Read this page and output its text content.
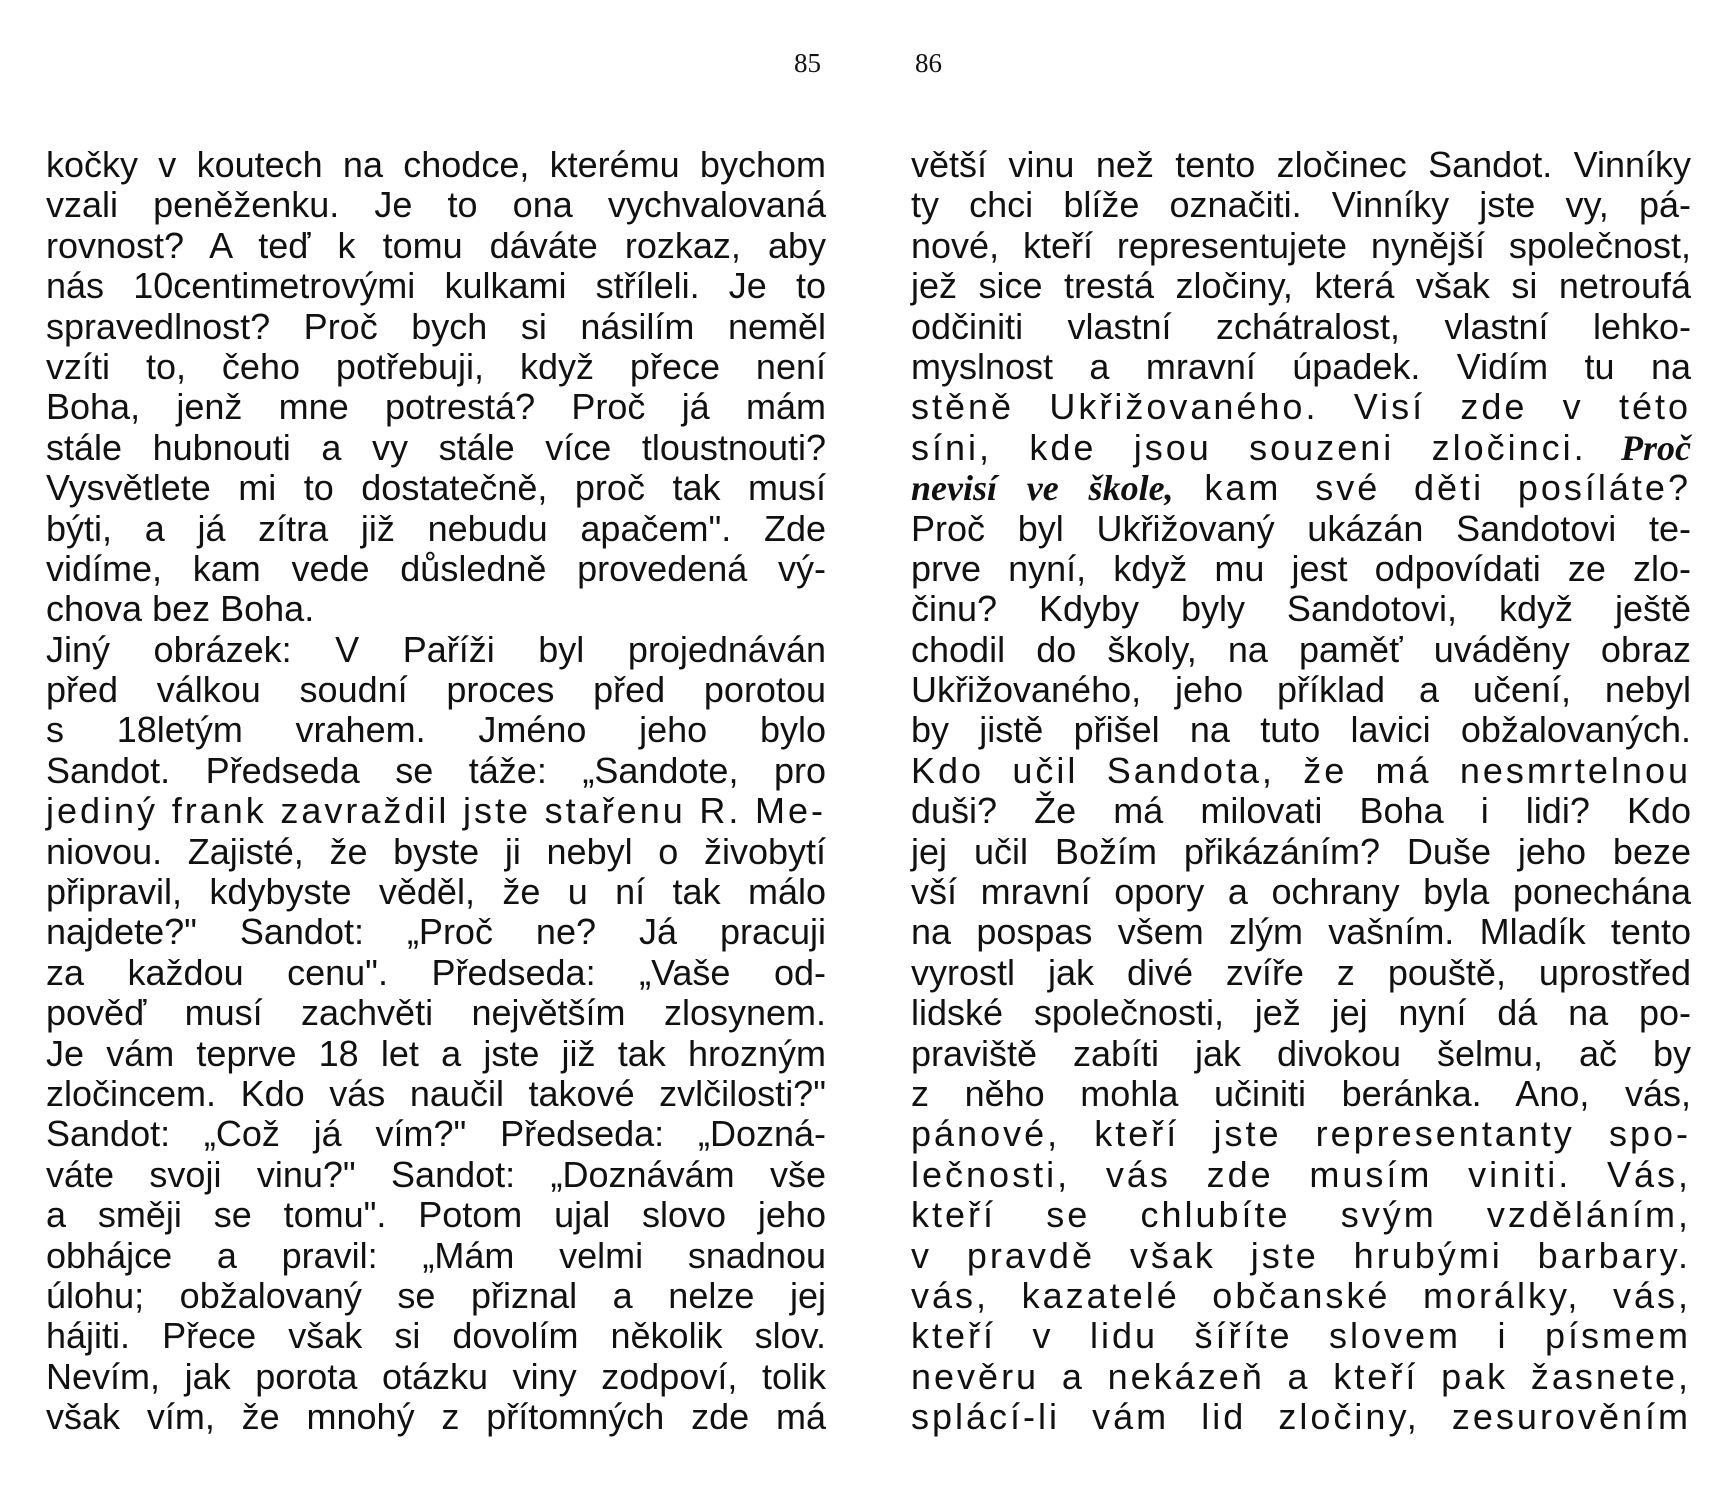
85
kočky v koutech na chodce, kterému bychom
vzali peněženku. Je to ona vychvalovaná
rovnost? A teď k tomu dáváte rozkaz, aby
nás 10centimetrovými kulkami stříleli. Je to
spravedlnost? Proč bych si násilím neměl
vzíti to, čeho potřebuji, když přece není
Boha, jenž mne potrestá? Proč já mám
stále hubnouti a vy stále více tloustnouti?
Vysvětlete mi to dostatečně, proč tak musí
býti, a já zítra již nebudu apačem". Zde
vidíme, kam vede důsledně provedená vý-
chova bez Boha.
Jiný obrázek: V Paříži byl projednáván
před válkou soudní proces před porotou
s 18letým vrahem. Jméno jeho bylo
Sandot. Předseda se táže: „Sandote, pro
jediný frank zavraždil jste stařenu R. Me-
niovou. Zajisté, že byste ji nebyl o živobytí
připravil, kdybyste věděl, že u ní tak málo
najdete?" Sandot: „Proč ne? Já pracuji
za každou cenu". Předseda: „Vaše od-
pověď musí zachvěti největším zlosynem.
Je vám teprve 18 let a jste již tak hrozným
zločincem. Kdo vás naučil takové zvlčilosti?"
Sandot: „Což já vím?" Předseda: „Dozná-
váte svoji vinu?" Sandot: „Doznávám vše
a směji se tomu". Potom ujal slovo jeho
obhájce a pravil: „Mám velmi snadnou
úlohu; obžalovaný se přiznal a nelze jej
hájiti. Přece však si dovolím několik slov.
Nevím, jak porota otázku viny zodpoví, tolik
však vím, že mnohý z přítomných zde má
86
větší vinu než tento zločinec Sandot. Vinníky
ty chci blíže označiti. Vinníky jste vy, pá-
nové, kteří representujete nynější společnost,
jež sice trestá zločiny, která však si netroufá
odčiniti vlastní zchátralost, vlastní lehko-
myslnost a mravní úpadek. Vidím tu na
stěně Ukřižovaného. Visí zde v této
síni, kde jsou souzeni zločinci. Proč
nevisí ve škole, kam své děti posíláte?
Proč byl Ukřižovaný ukázán Sandotovi te-
prve nyní, když mu jest odpovídati ze zlo-
činu? Kdyby byly Sandotovi, když ještě
chodil do školy, na paměť uváděny obraz
Ukřižovaného, jeho příklad a učení, nebyl
by jistě přišel na tuto lavici obžalovaných.
Kdo učil Sandota, že má nesmrtelnou
duši? Že má milovati Boha i lidi? Kdo
jej učil Božím přikázáním? Duše jeho beze
vší mravní opory a ochrany byla ponechána
na pospas všem zlým vašním. Mladík tento
vyrostl jak divé zvíře z pouště, uprostřed
lidské společnosti, jež jej nyní dá na po-
praviště zabíti jak divokou šelmu, ač by
z něho mohla učiniti beránka. Ano, vás,
pánové, kteří jste representanty spo-
lečnosti, vás zde musím viniti. Vás,
kteří se chlubíte svým vzděláním,
v pravdě však jste hrubými barbary.
vás, kazatelé občanské morálky, vás,
kteří v lidu šíříte slovem i písmem
nevěru a nekázeň a kteří pak žasnete,
splácí-li vám lid zločiny, zesurověním
